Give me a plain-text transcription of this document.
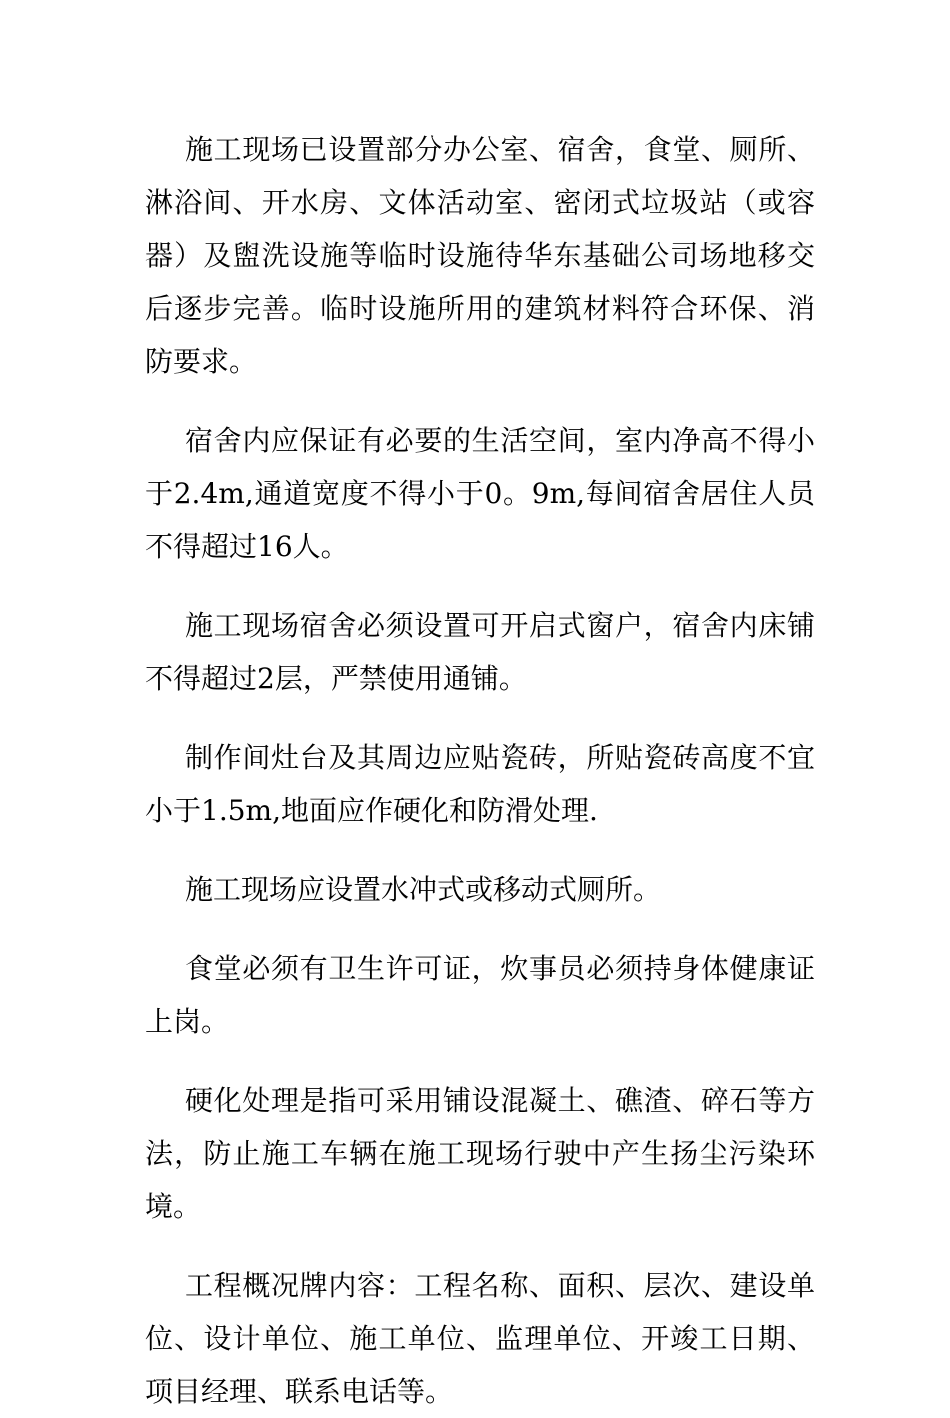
施工现场已设置部分办公室、宿舍，食堂、厕所、淋浴间、开水房、文体活动室、密闭式垃圾站（或容器）及盥洗设施等临时设施待华东基础公司场地移交后逐步完善。临时设施所用的建筑材料符合环保、消防要求。

宿舍内应保证有必要的生活空间，室内净高不得小于2.4m,通道宽度不得小于0。9m,每间宿舍居住人员不得超过16人。

施工现场宿舍必须设置可开启式窗户，宿舍内床铺不得超过2层，严禁使用通铺。

制作间灶台及其周边应贴瓷砖，所贴瓷砖高度不宜小于1.5m,地面应作硬化和防滑处理.

施工现场应设置水冲式或移动式厕所。

食堂必须有卫生许可证，炊事员必须持身体健康证上岗。

硬化处理是指可采用铺设混凝土、礁渣、碎石等方法，防止施工车辆在施工现场行驶中产生扬尘污染环境。

工程概况牌内容：工程名称、面积、层次、建设单位、设计单位、施工单位、监理单位、开竣工日期、项目经理、联系电话等。
